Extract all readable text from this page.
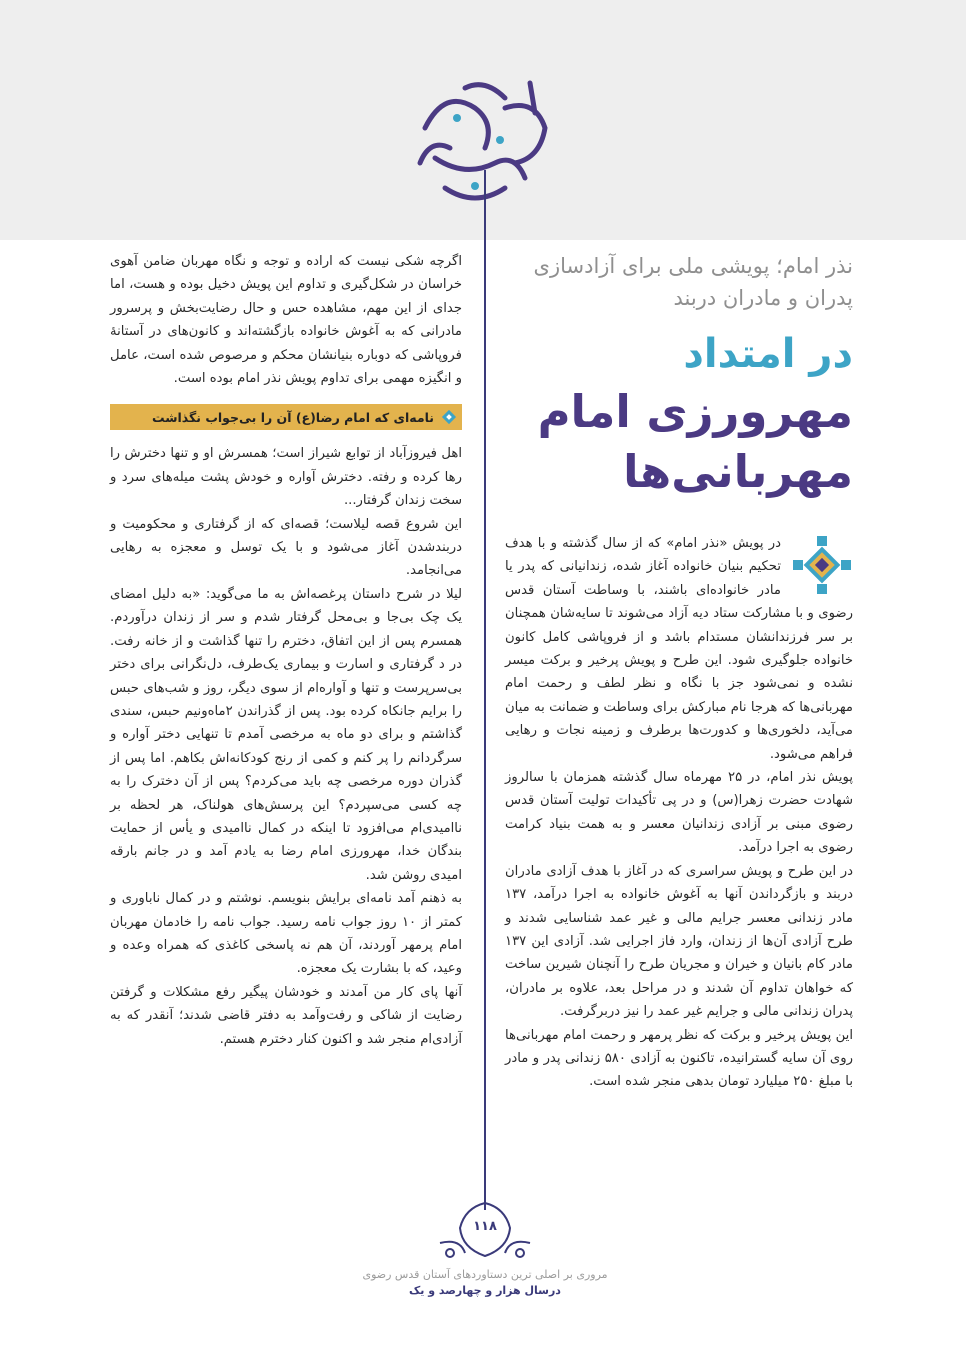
نذر امام؛ پویشی ملی برای آزادسازی پدران و مادران دربند
در امتداد
مهرورزی امام
مهربانی‌ها

در پویش «نذر امام» که از سال گذشته و با هدف تحکیم بنیان خانواده آغاز شده، زندانیانی که پدر یا مادر خانواده‌ای باشند، با وساطت آستان قدس رضوی و با مشارکت ستاد دیه آزاد می‌شوند تا سایه‌شان همچنان بر سر فرزندانشان مستدام باشد و از فروپاشی کامل کانون خانواده جلوگیری شود. این طرح و پویش پرخیر و برکت میسر نشده و نمی‌شود جز با نگاه و نظر لطف و رحمت امام مهربانی‌ها که هرجا نام مبارکش برای وساطت و ضمانت به میان می‌آید، دلخوری‌ها و کدورت‌ها برطرف و زمینه نجات و رهایی فراهم می‌شود.

پویش نذر امام، در ۲۵ مهرماه سال گذشته همزمان با سالروز شهادت حضرت زهرا(س) و در پی تأکیدات تولیت آستان قدس رضوی مبنی بر آزادی زندانیان معسر و به همت بنیاد کرامت رضوی به اجرا درآمد.

در این طرح و پویش سراسری که در آغاز با هدف آزادی مادران دربند و بازگرداندن آنها به آغوش خانواده به اجرا درآمد، ۱۳۷ مادر زندانی معسر جرایم مالی و غیر عمد شناسایی شدند و طرح آزادی آن‌ها از زندان، وارد فاز اجرایی شد. آزادی این ۱۳۷ مادر کام بانیان و خیران و مجریان طرح را آنچنان شیرین ساخت که خواهان تداوم آن شدند و در مراحل بعد، علاوه بر مادران، پدران زندانی مالی و جرایم غیر عمد را نیز دربرگرفت.

این پویش پرخیر و برکت که نظر پرمهر و رحمت امام مهربانی‌ها روی آن سایه گسترانیده، تاکنون به آزادی ۵۸۰ زندانی پدر و مادر با مبلغ ۲۵۰ میلیارد تومان بدهی منجر شده است.

اگرچه شکی نیست که اراده و توجه و نگاه مهربان ضامن آهوی خراسان در شکل‌گیری و تداوم این پویش دخیل بوده و هست، اما جدای از این مهم، مشاهده حس و حال رضایت‌بخش و پرسرور مادرانی که به آغوش خانواده بازگشته‌اند و کانون‌های در آستانهٔ فروپاشی که دوباره بنیانشان محکم و مرصوص شده است، عامل و انگیزه مهمی برای تداوم پویش نذر امام بوده است.

نامه‌ای که امام رضا(ع) آن را بی‌جواب نگذاشت

اهل فیروزآباد از توابع شیراز است؛ همسرش او و تنها دخترش را رها کرده و رفته. دخترش آواره و خودش پشت میله‌های سرد و سخت زندان گرفتار...

این شروع قصه لیلاست؛ قصه‌ای که از گرفتاری و محکومیت و دربندشدن آغاز می‌شود و با یک توسل و معجزه به رهایی می‌انجامد.

لیلا در شرح داستان پرغصه‌اش به ما می‌گوید: «به دلیل امضای یک چک بی‌جا و بی‌محل گرفتار شدم و سر از زندان درآوردم. همسرم پس از این اتفاق، دخترم را تنها گذاشت و از خانه رفت. در د گرفتاری و اسارت و بیماری یک‌طرف، دل‌نگرانی برای دختر بی‌سرپرست و تنها و آواره‌ام از سوی دیگر، روز و شب‌های حبس را برایم جانکاه کرده بود. پس از گذراندن ۲ماه‌ونیم حبس، سندی گذاشتم و برای دو ماه به مرخصی آمدم تا تنهایی دختر آواره و سرگردانم را پر کنم و کمی از رنج کودکانه‌اش بکاهم. اما پس از گذران دوره مرخصی چه باید می‌کردم؟ پس از آن دخترک را به چه کسی می‌سپردم؟ این پرسش‌های هولناک، هر لحظه بر ناامیدی‌ام می‌افزود تا اینکه در کمال ناامیدی و یأس از حمایت بندگان خدا، مهرورزی امام رضا به یادم آمد و در جانم بارقه امیدی روشن شد.

به ذهنم آمد نامه‌ای برایش بنویسم. نوشتم و در کمال ناباوری و کمتر از ۱۰ روز جواب نامه رسید. جواب نامه را خادمان مهربان امام پرمهر آوردند، آن هم نه پاسخی کاغذی که همراه وعده و وعید، که با بشارت یک معجزه.

آنها پای کار من آمدند و خودشان پیگیر رفع مشکلات و گرفتن رضایت از شاکی و رفت‌وآمد به دفتر قاضی شدند؛ آنقدر که به آزادی‌ام منجر شد و اکنون کنار دخترم هستم.

۱۱۸
مروری بر اصلی ترین دستاوردهای آستان قدس رضوی
درسال هزار و چهارصد و یک
